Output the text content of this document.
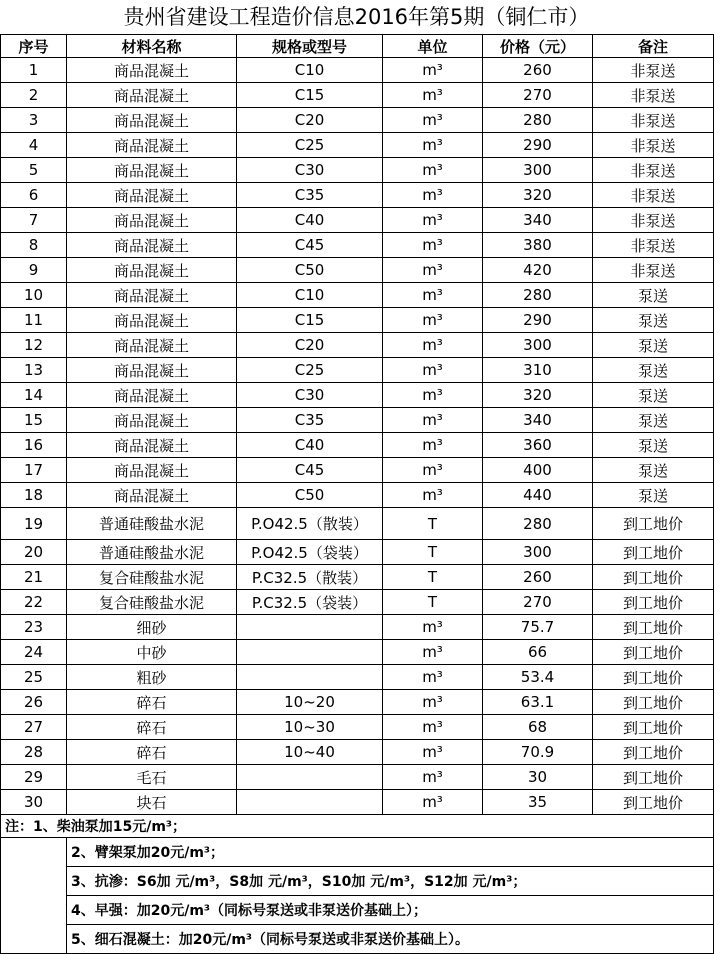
贵州省建设工程造价信息2016年第5期（铜仁市）
序号	材料名称	规格或型号	单位	价格（元）	备注
1	商品混凝土	C10	m³	260	非泵送
2	商品混凝土	C15	m³	270	非泵送
3	商品混凝土	C20	m³	280	非泵送
4	商品混凝土	C25	m³	290	非泵送
5	商品混凝土	C30	m³	300	非泵送
6	商品混凝土	C35	m³	320	非泵送
7	商品混凝土	C40	m³	340	非泵送
8	商品混凝土	C45	m³	380	非泵送
9	商品混凝土	C50	m³	420	非泵送
10	商品混凝土	C10	m³	280	泵送
11	商品混凝土	C15	m³	290	泵送
12	商品混凝土	C20	m³	300	泵送
13	商品混凝土	C25	m³	310	泵送
14	商品混凝土	C30	m³	320	泵送
15	商品混凝土	C35	m³	340	泵送
16	商品混凝土	C40	m³	360	泵送
17	商品混凝土	C45	m³	400	泵送
18	商品混凝土	C50	m³	440	泵送
19	普通硅酸盐水泥	P.O42.5（散装）	T	280	到工地价
20	普通硅酸盐水泥	P.O42.5（袋装）	T	300	到工地价
21	复合硅酸盐水泥	P.C32.5（散装）	T	260	到工地价
22	复合硅酸盐水泥	P.C32.5（袋装）	T	270	到工地价
23	细砂		m³	75.7	到工地价
24	中砂		m³	66	到工地价
25	粗砂		m³	53.4	到工地价
26	碎石	10~20	m³	63.1	到工地价
27	碎石	10~30	m³	68	到工地价
28	碎石	10~40	m³	70.9	到工地价
29	毛石		m³	30	到工地价
30	块石		m³	35	到工地价
注：1、柴油泵加15元/m³；					
	2、臂架泵加20元/m³；				
	3、抗渗：S6加 元/m³，S8加 元/m³，S10加 元/m³，S12加 元/m³；				
	4、早强：加20元/m³（同标号泵送或非泵送价基础上）；				
	5、细石混凝土：加20元/m³（同标号泵送或非泵送价基础上）。				
